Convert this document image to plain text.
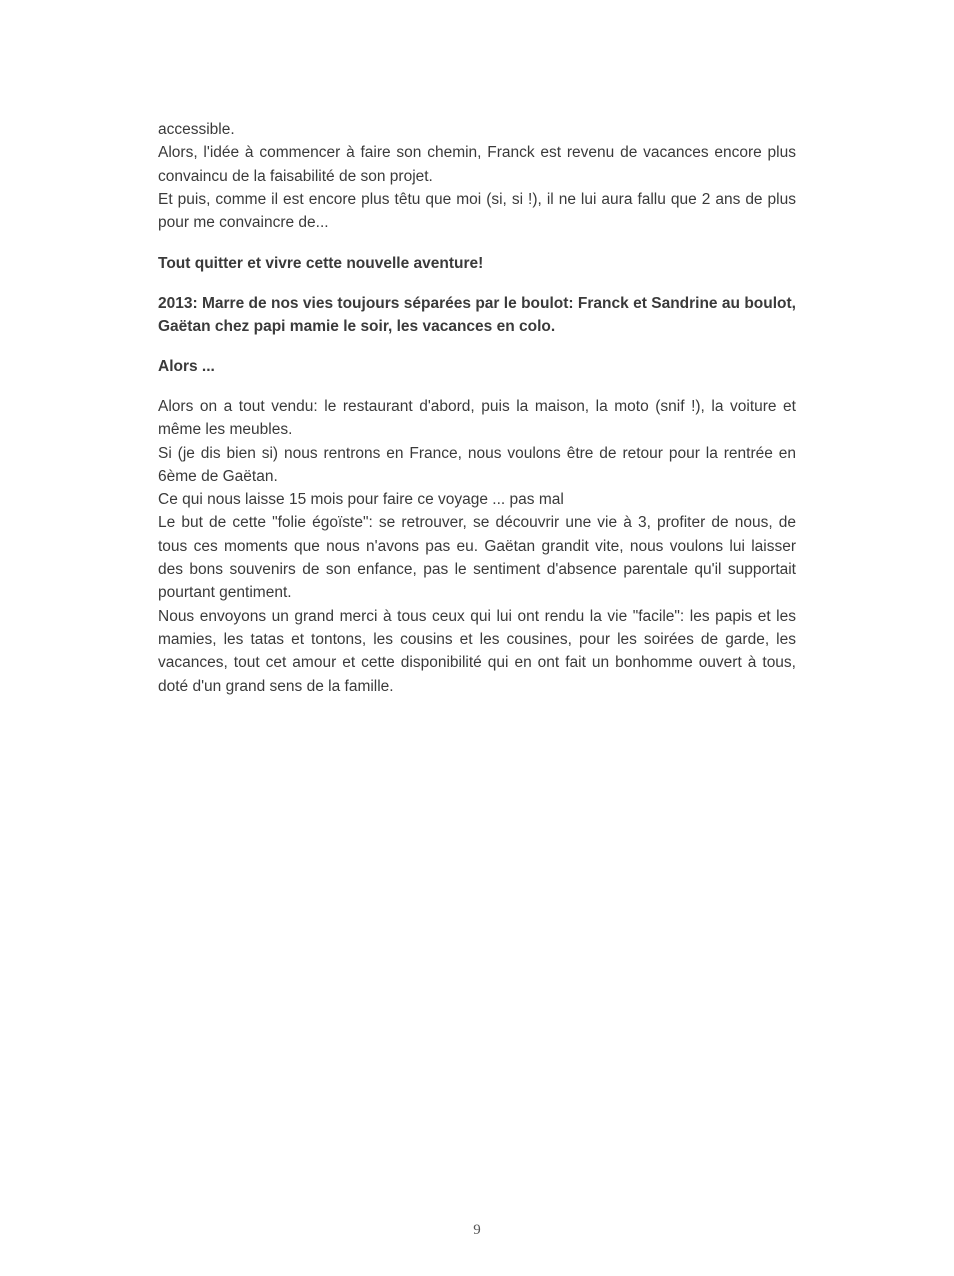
accessible.

Alors, l'idée à commencer à faire son chemin, Franck est revenu de vacances encore plus convaincu de la faisabilité de son projet.

Et puis, comme il est encore plus têtu que moi (si, si !), il ne lui aura fallu que 2 ans de plus pour me convaincre de...

Tout quitter et vivre cette nouvelle aventure!

2013: Marre de nos vies toujours séparées par le boulot: Franck et Sandrine au boulot, Gaëtan chez papi mamie le soir, les vacances en colo.

Alors ...

Alors on a tout vendu: le restaurant d'abord, puis la maison, la moto (snif !), la voiture et même les meubles.

Si (je dis bien si) nous rentrons en France, nous voulons être de retour pour la rentrée en 6ème de Gaëtan.

Ce qui nous laisse 15 mois pour faire ce voyage ... pas mal

Le but de cette "folie égoïste": se retrouver, se découvrir une vie à 3, profiter de nous, de tous ces moments que nous n'avons pas eu. Gaëtan grandit vite, nous voulons lui laisser des bons souvenirs de son enfance, pas le sentiment d'absence parentale qu'il supportait pourtant gentiment.

Nous envoyons un grand merci à tous ceux qui lui ont rendu la vie "facile": les papis et les mamies, les tatas et tontons, les cousins et les cousines, pour les soirées de garde, les vacances, tout cet amour et cette disponibilité qui en ont fait un bonhomme ouvert à tous, doté d'un grand sens de la famille.

9
